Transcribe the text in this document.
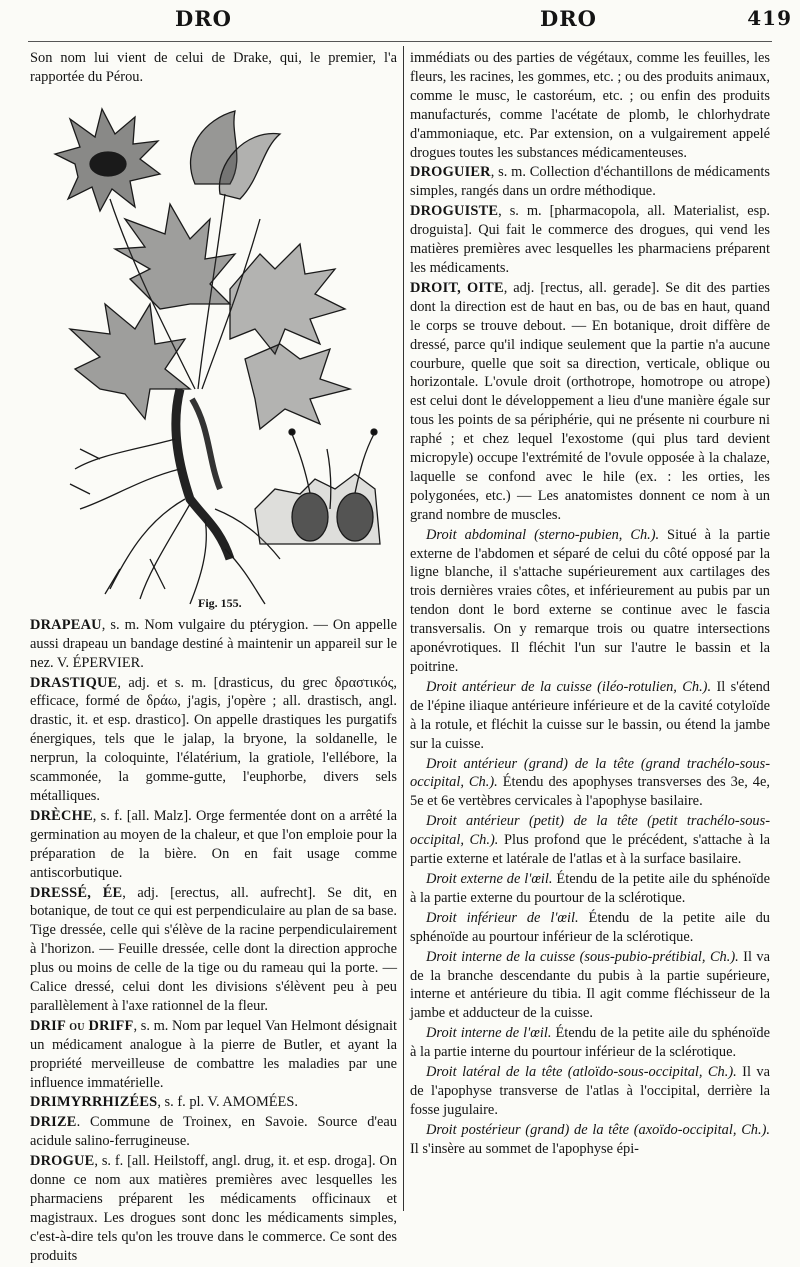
DRO	DRO	419

Son nom lui vient de celui de Drake, qui, le premier, l'a rapportée du Pérou.

Fig. 155.

DRAPEAU, s. m. Nom vulgaire du ptérygion. — On appelle aussi drapeau un bandage destiné à maintenir un appareil sur le nez. V. ÉPERVIER.

DRASTIQUE, adj. et s. m. [drasticus, du grec δραστικός, efficace, formé de δράω, j'agis, j'opère ; all. drastisch, angl. drastic, it. et esp. drastico]. On appelle drastiques les purgatifs énergiques, tels que le jalap, la bryone, la soldanelle, le nerprun, la coloquinte, l'élatérium, la gratiole, l'ellébore, la scammonée, la gomme-gutte, l'euphorbe, divers sels métalliques.

DRÈCHE, s. f. [all. Malz]. Orge fermentée dont on a arrêté la germination au moyen de la chaleur, et que l'on emploie pour la préparation de la bière. On en fait usage comme antiscorbutique.

DRESSÉ, ÉE, adj. [erectus, all. aufrecht]. Se dit, en botanique, de tout ce qui est perpendiculaire au plan de sa base. Tige dressée, celle qui s'élève de la racine perpendiculairement à l'horizon. — Feuille dressée, celle dont la direction approche plus ou moins de celle de la tige ou du rameau qui la porte. — Calice dressé, celui dont les divisions s'élèvent peu à peu parallèlement à l'axe rationnel de la fleur.

DRIF ou DRIFF, s. m. Nom par lequel Van Helmont désignait un médicament analogue à la pierre de Butler, et ayant la propriété merveilleuse de combattre les maladies par une influence immatérielle.

DRIMYRRHIZÉES, s. f. pl. V. AMOMÉES.

DRIZE. Commune de Troinex, en Savoie. Source d'eau acidule salino-ferrugineuse.

DROGUE, s. f. [all. Heilstoff, angl. drug, it. et esp. droga]. On donne ce nom aux matières premières avec lesquelles les pharmaciens préparent les médicaments officinaux et magistraux. Les drogues sont donc les médicaments simples, c'est-à-dire tels qu'on les trouve dans le commerce. Ce sont des produits

immédiats ou des parties de végétaux, comme les feuilles, les fleurs, les racines, les gommes, etc. ; ou des produits animaux, comme le musc, le castoréum, etc. ; ou enfin des produits manufacturés, comme l'acétate de plomb, le chlorhydrate d'ammoniaque, etc. Par extension, on a vulgairement appelé drogues toutes les substances médicamenteuses.

DROGUIER, s. m. Collection d'échantillons de médicaments simples, rangés dans un ordre méthodique.

DROGUISTE, s. m. [pharmacopola, all. Materialist, esp. droguista]. Qui fait le commerce des drogues, qui vend les matières premières avec lesquelles les pharmaciens préparent les médicaments.

DROIT, OITE, adj. [rectus, all. gerade]. Se dit des parties dont la direction est de haut en bas, ou de bas en haut, quand le corps se trouve debout. — En botanique, droit diffère de dressé, parce qu'il indique seulement que la partie n'a aucune courbure, quelle que soit sa direction, verticale, oblique ou horizontale. L'ovule droit (orthotrope, homotrope ou atrope) est celui dont le développement a lieu d'une manière égale sur tous les points de sa périphérie, qui ne présente ni courbure ni raphé ; et chez lequel l'exostome (qui plus tard devient micropyle) occupe l'extrémité de l'ovule opposée à la chalaze, laquelle se confond avec le hile (ex. : les orties, les polygonées, etc.) — Les anatomistes donnent ce nom à un grand nombre de muscles.

Droit abdominal (sterno-pubien, Ch.). Situé à la partie externe de l'abdomen et séparé de celui du côté opposé par la ligne blanche, il s'attache supérieurement aux cartilages des trois dernières vraies côtes, et inférieurement au pubis par un tendon dont le bord externe se continue avec le fascia transversalis. On y remarque trois ou quatre intersections aponévrotiques. Il fléchit l'un sur l'autre le bassin et la poitrine.

Droit antérieur de la cuisse (iléo-rotulien, Ch.). Il s'étend de l'épine iliaque antérieure inférieure et de la cavité cotyloïde à la rotule, et fléchit la cuisse sur le bassin, ou étend la jambe sur la cuisse.

Droit antérieur (grand) de la tête (grand trachélo-sous-occipital, Ch.). Étendu des apophyses transverses des 3e, 4e, 5e et 6e vertèbres cervicales à l'apophyse basilaire.

Droit antérieur (petit) de la tête (petit trachélo-sous-occipital, Ch.). Plus profond que le précédent, s'attache à la partie externe et latérale de l'atlas et à la surface basilaire.

Droit externe de l'œil. Étendu de la petite aile du sphénoïde à la partie externe du pourtour de la sclérotique.

Droit inférieur de l'œil. Étendu de la petite aile du sphénoïde au pourtour inférieur de la sclérotique.

Droit interne de la cuisse (sous-pubio-prétibial, Ch.). Il va de la branche descendante du pubis à la partie supérieure, interne et antérieure du tibia. Il agit comme fléchisseur de la jambe et adducteur de la cuisse.

Droit interne de l'œil. Étendu de la petite aile du sphénoïde à la partie interne du pourtour inférieur de la sclérotique.

Droit latéral de la tête (atloïdo-sous-occipital, Ch.). Il va de l'apophyse transverse de l'atlas à l'occipital, derrière la fosse jugulaire.

Droit postérieur (grand) de la tête (axoïdo-occipital, Ch.). Il s'insère au sommet de l'apophyse épi-
